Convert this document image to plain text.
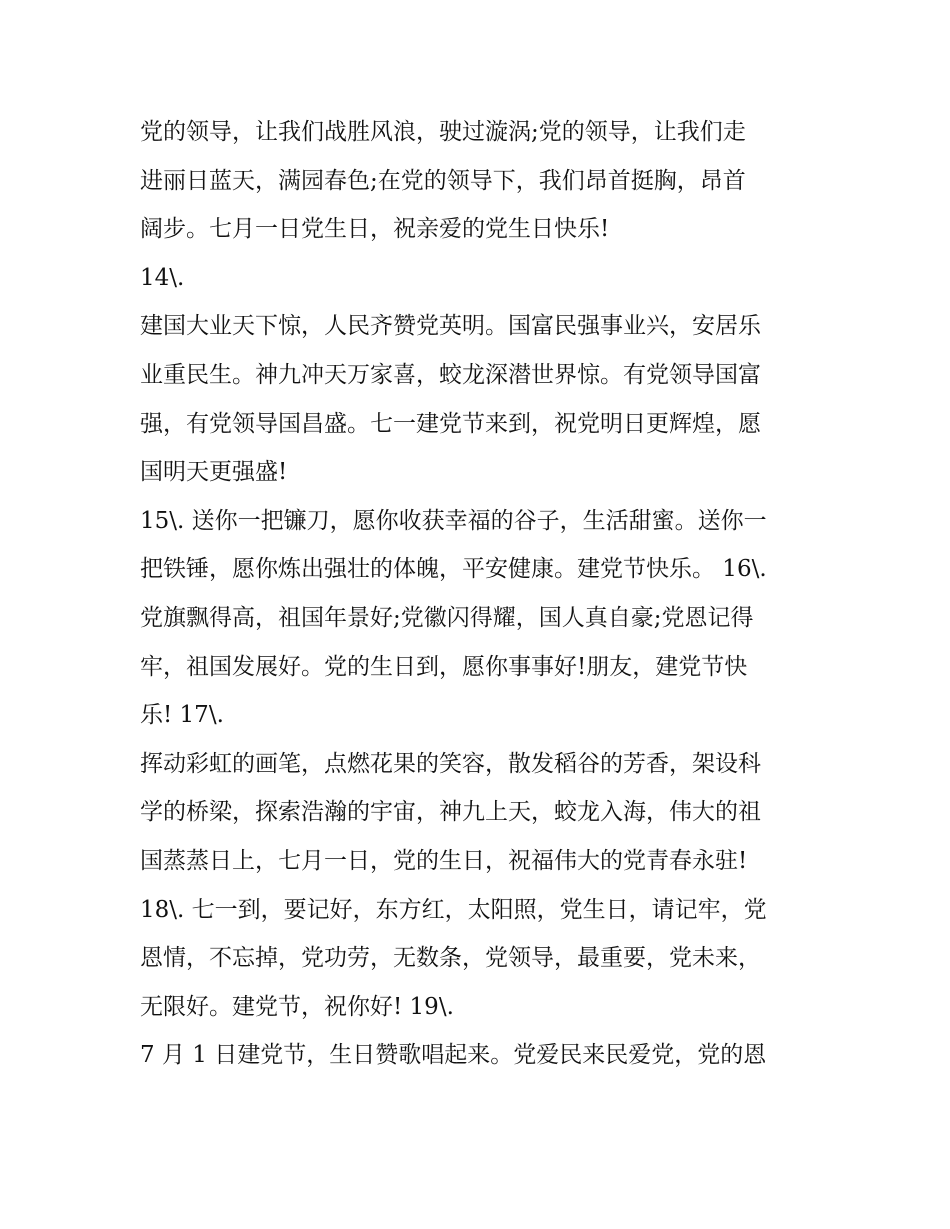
党的领导，让我们战胜风浪，驶过漩涡;党的领导，让我们走
进丽日蓝天，满园春色;在党的领导下，我们昂首挺胸，昂首
阔步。七月一日党生日，祝亲爱的党生日快乐!
14\.
建国大业天下惊，人民齐赞党英明。国富民强事业兴，安居乐
业重民生。神九冲天万家喜，蛟龙深潜世界惊。有党领导国富
强，有党领导国昌盛。七一建党节来到，祝党明日更辉煌，愿
国明天更强盛!
15\. 送你一把镰刀，愿你收获幸福的谷子，生活甜蜜。送你一
把铁锤，愿你炼出强壮的体魄，平安健康。建党节快乐。 16\.
党旗飘得高，祖国年景好;党徽闪得耀，国人真自豪;党恩记得
牢，祖国发展好。党的生日到，愿你事事好!朋友，建党节快
乐! 17\.
挥动彩虹的画笔，点燃花果的笑容，散发稻谷的芳香，架设科
学的桥梁，探索浩瀚的宇宙，神九上天，蛟龙入海，伟大的祖
国蒸蒸日上，七月一日，党的生日，祝福伟大的党青春永驻!
18\. 七一到，要记好，东方红，太阳照，党生日，请记牢，党
恩情，不忘掉，党功劳，无数条，党领导，最重要，党未来，
无限好。建党节，祝你好! 19\.
7 月 1 日建党节，生日赞歌唱起来。党爱民来民爱党，党的恩
